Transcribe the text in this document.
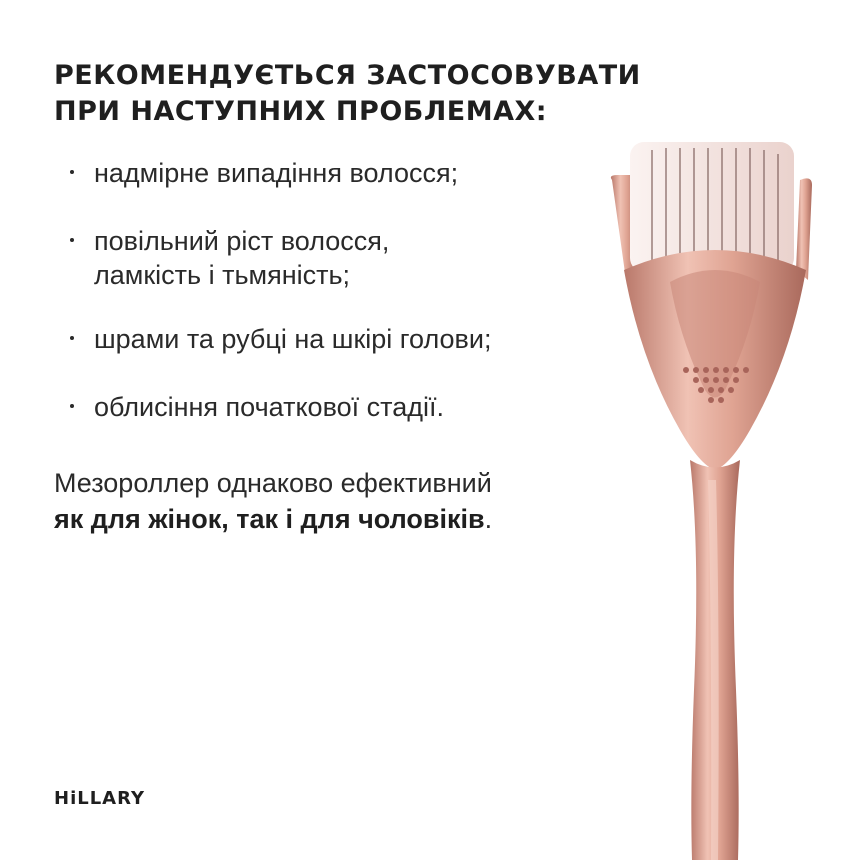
РЕКОМЕНДУЄТЬСЯ ЗАСТОСОВУВАТИ
ПРИ НАСТУПНИХ ПРОБЛЕМАХ:
надмірне випадіння волосся;
повільний ріст волосся,
ламкість і тьмяність;
шрами та рубці на шкірі голови;
облисіння початкової стадії.
Мезороллер однаково ефективний
як для жінок, так і для чоловіків.
HiLLARY
